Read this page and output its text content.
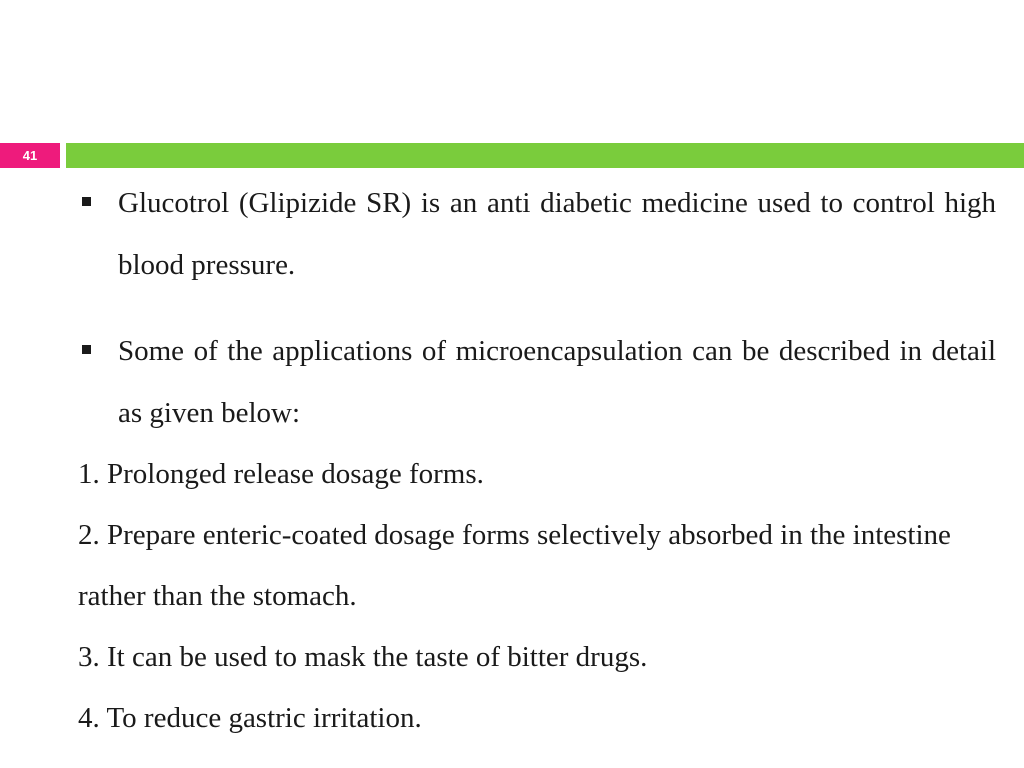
41
Glucotrol (Glipizide SR) is an anti diabetic medicine used to control high blood pressure.
Some of the applications of microencapsulation can be described in detail as given below:
1. Prolonged release dosage forms.
2. Prepare enteric-coated dosage forms selectively absorbed in the intestine rather than the stomach.
3. It can be used to mask the taste of bitter drugs.
4. To reduce gastric irritation.
